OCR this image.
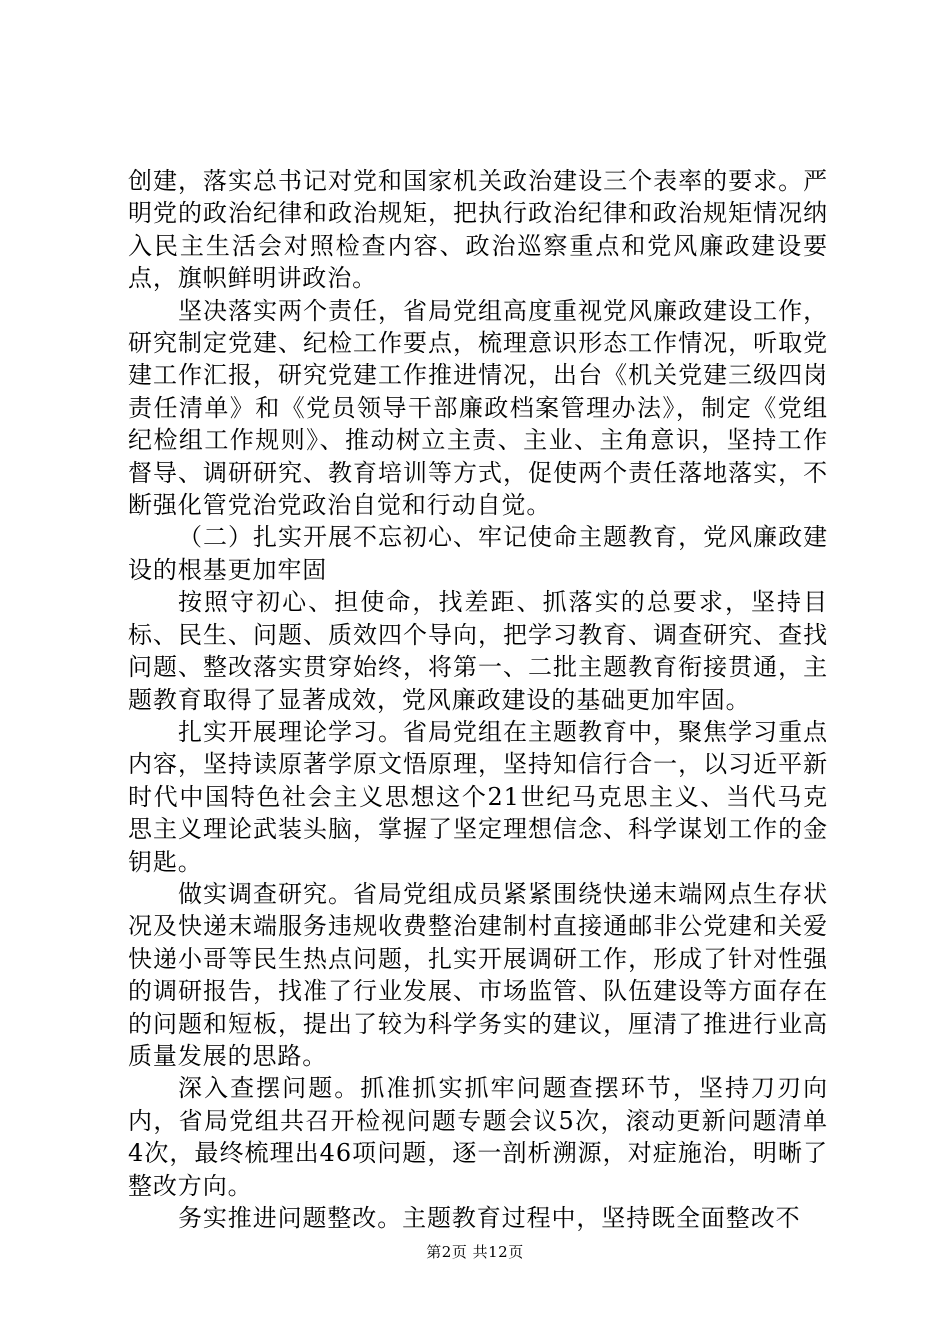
创建，落实总书记对党和国家机关政治建设三个表率的要求。严明党的政治纪律和政治规矩，把执行政治纪律和政治规矩情况纳入民主生活会对照检查内容、政治巡察重点和党风廉政建设要点，旗帜鲜明讲政治。

坚决落实两个责任，省局党组高度重视党风廉政建设工作，研究制定党建、纪检工作要点，梳理意识形态工作情况，听取党建工作汇报，研究党建工作推进情况，出台《机关党建三级四岗责任清单》和《党员领导干部廉政档案管理办法》，制定《党组纪检组工作规则》、推动树立主责、主业、主角意识，坚持工作督导、调研研究、教育培训等方式，促使两个责任落地落实，不断强化管党治党政治自觉和行动自觉。

（二）扎实开展不忘初心、牢记使命主题教育，党风廉政建设的根基更加牢固

按照守初心、担使命，找差距、抓落实的总要求，坚持目标、民生、问题、质效四个导向，把学习教育、调查研究、查找问题、整改落实贯穿始终，将第一、二批主题教育衔接贯通，主题教育取得了显著成效，党风廉政建设的基础更加牢固。

扎实开展理论学习。省局党组在主题教育中，聚焦学习重点内容，坚持读原著学原文悟原理，坚持知信行合一，以习近平新时代中国特色社会主义思想这个21世纪马克思主义、当代马克思主义理论武装头脑，掌握了坚定理想信念、科学谋划工作的金钥匙。

做实调查研究。省局党组成员紧紧围绕快递末端网点生存状况及快递末端服务违规收费整治建制村直接通邮非公党建和关爱快递小哥等民生热点问题，扎实开展调研工作，形成了针对性强的调研报告，找准了行业发展、市场监管、队伍建设等方面存在的问题和短板，提出了较为科学务实的建议，厘清了推进行业高质量发展的思路。

深入查摆问题。抓准抓实抓牢问题查摆环节，坚持刀刃向内，省局党组共召开检视问题专题会议5次，滚动更新问题清单4次，最终梳理出46项问题，逐一剖析溯源，对症施治，明晰了整改方向。

务实推进问题整改。主题教育过程中，坚持既全面整改不

第2页 共12页
